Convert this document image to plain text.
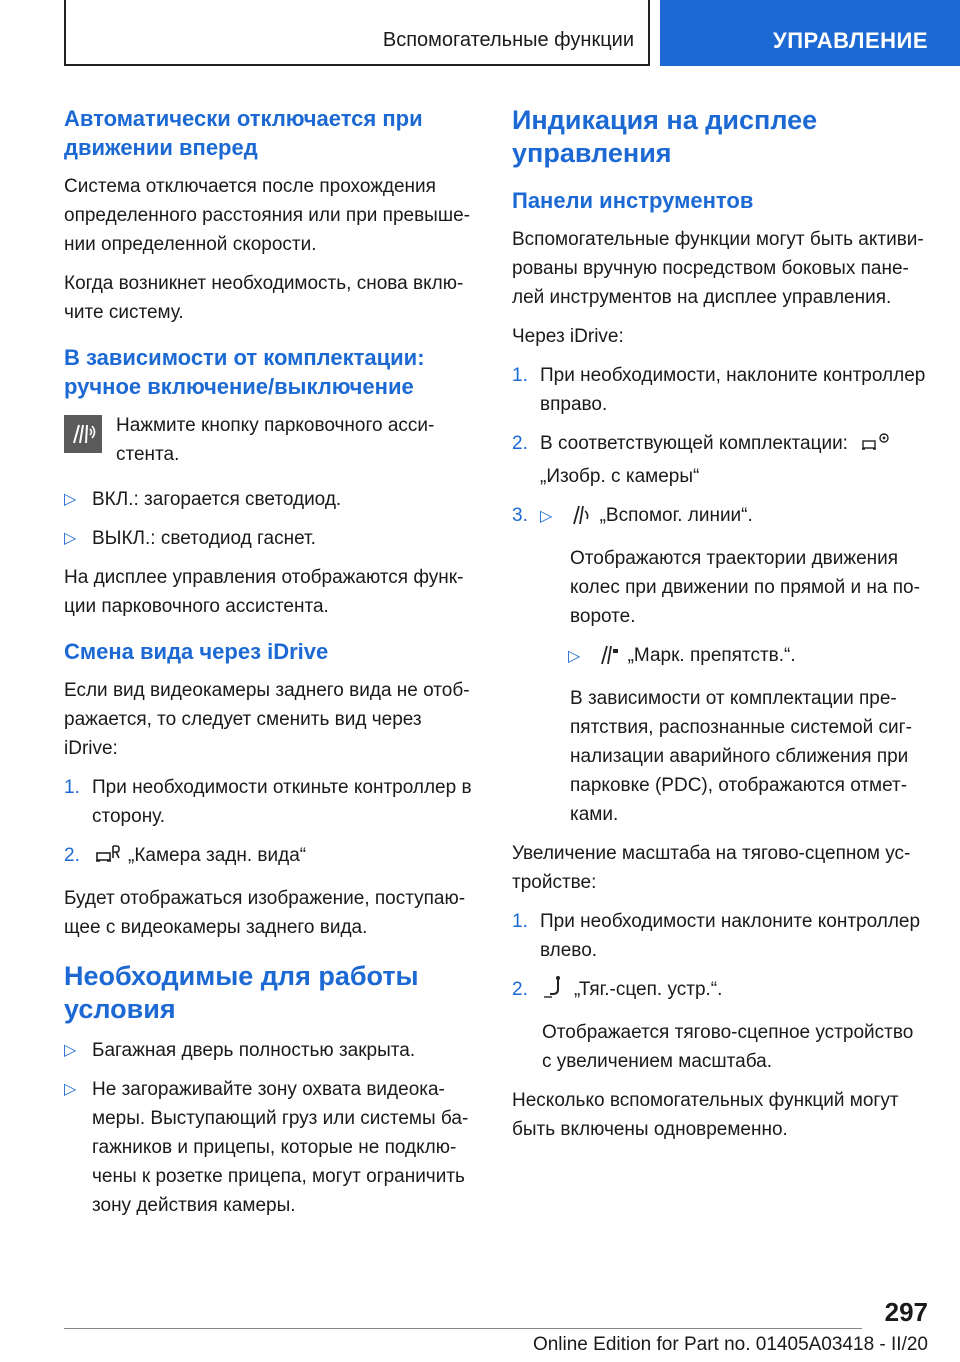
Вспомогательные функции	УПРАВЛЕНИЕ
Автоматически отключается при движении вперед

Система отключается после прохождения определенного расстояния или при превыше-нии определенной скорости.

Когда возникнет необходимость, снова вклю-чите систему.

В зависимости от комплектации: ручное включение/выключение
Нажмите кнопку парковочного асси-стента.
▷ ВКЛ.: загорается светодиод.
▷ ВЫКЛ.: светодиод гаснет.

На дисплее управления отображаются функ-ции парковочного ассистента.

Смена вида через iDrive

Если вид видеокамеры заднего вида не отоб-ражается, то следует сменить вид через iDrive:

1. При необходимости откиньте контроллер в сторону.
2.	„Камера задн. вида“

Будет отображаться изображение, поступаю-щее с видеокамеры заднего вида.

Необходимые для работы условия
▷ Багажная дверь полностью закрыта.
▷ Не загораживайте зону охвата видеока-меры. Выступающий груз или системы ба-гажников и прицепы, которые не подклю-чены к розетке прицепа, могут ограничить зону действия камеры.
Индикация на дисплее управления
Панели инструментов

Вспомогательные функции могут быть активи-рованы вручную посредством боковых пане-лей инструментов на дисплее управления.

Через iDrive:

1. При необходимости, наклоните контроллер вправо.
2. В соответствующей комплектации:
„Изобр. с камеры“
3. ▷ „Вспомог. линии“.
Отображаются траектории движения колес при движении по прямой и на по-вороте.
▷ „Марк. препятств.“.
В зависимости от комплектации пре-пятствия, распознанные системой сиг-нализации аварийного сближения при парковке (PDC), отображаются отмет-ками.

Увеличение масштаба на тягово-сцепном ус-тройстве:

1. При необходимости наклоните контроллер влево.
2.	„Тяг.-сцеп. устр.“.
Отображается тягово-сцепное устройство с увеличением масштаба.

Несколько вспомогательных функций могут быть включены одновременно.

297
Online Edition for Part no. 01405A03418 - II/20
